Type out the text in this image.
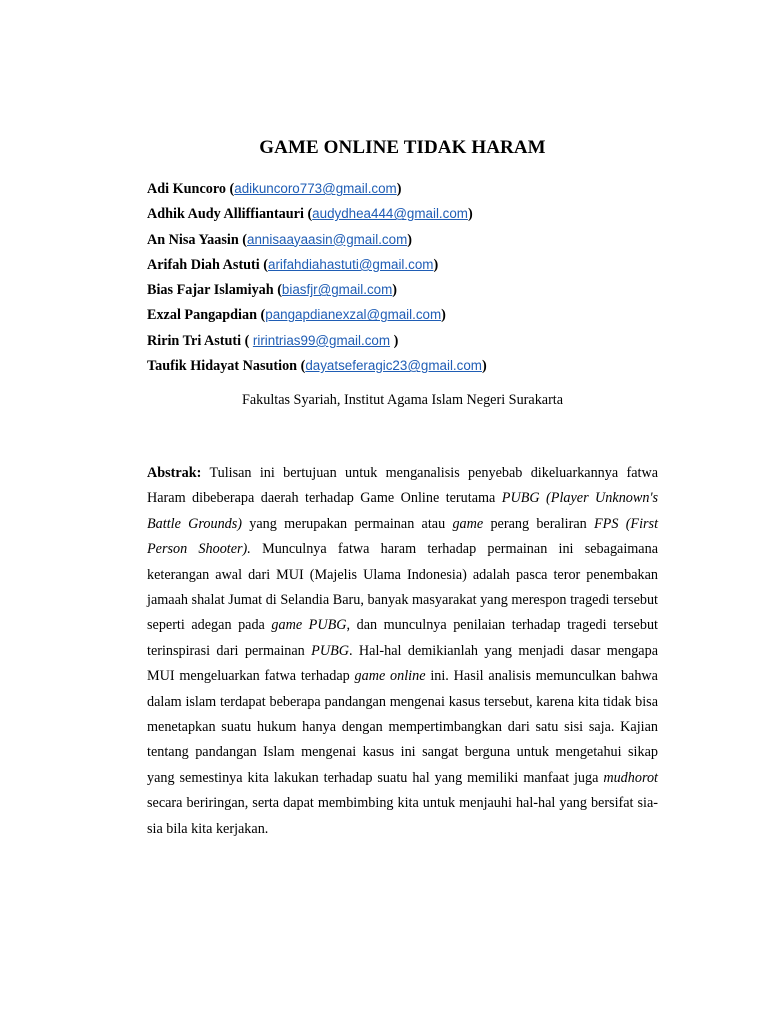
GAME ONLINE TIDAK HARAM
Adi Kuncoro (adikuncoro773@gmail.com)
Adhik Audy Alliffiantauri (audydhea444@gmail.com)
An Nisa Yaasin (annisaayaasin@gmail.com)
Arifah Diah Astuti (arifahdiahastuti@gmail.com)
Bias Fajar Islamiyah (biasfjr@gmail.com)
Exzal Pangapdian (pangapdianexzal@gmail.com)
Ririn Tri Astuti ( ririntrias99@gmail.com )
Taufik Hidayat Nasution (dayatseferagic23@gmail.com)

Fakultas Syariah, Institut Agama Islam Negeri Surakarta

Abstrak: Tulisan ini bertujuan untuk menganalisis penyebab dikeluarkannya fatwa Haram dibeberapa daerah terhadap Game Online terutama PUBG (Player Unknown's Battle Grounds) yang merupakan permainan atau game perang beraliran FPS (First Person Shooter). Munculnya fatwa haram terhadap permainan ini sebagaimana keterangan awal dari MUI (Majelis Ulama Indonesia) adalah pasca teror penembakan jamaah shalat Jumat di Selandia Baru, banyak masyarakat yang merespon tragedi tersebut seperti adegan pada game PUBG, dan munculnya penilaian terhadap tragedi tersebut terinspirasi dari permainan PUBG. Hal-hal demikianlah yang menjadi dasar mengapa MUI mengeluarkan fatwa terhadap game online ini. Hasil analisis memunculkan bahwa dalam islam terdapat beberapa pandangan mengenai kasus tersebut, karena kita tidak bisa menetapkan suatu hukum hanya dengan mempertimbangkan dari satu sisi saja. Kajian tentang pandangan Islam mengenai kasus ini sangat berguna untuk mengetahui sikap yang semestinya kita lakukan terhadap suatu hal yang memiliki manfaat juga mudhorot secara beriringan, serta dapat membimbing kita untuk menjauhi hal-hal yang bersifat sia-sia bila kita kerjakan.
